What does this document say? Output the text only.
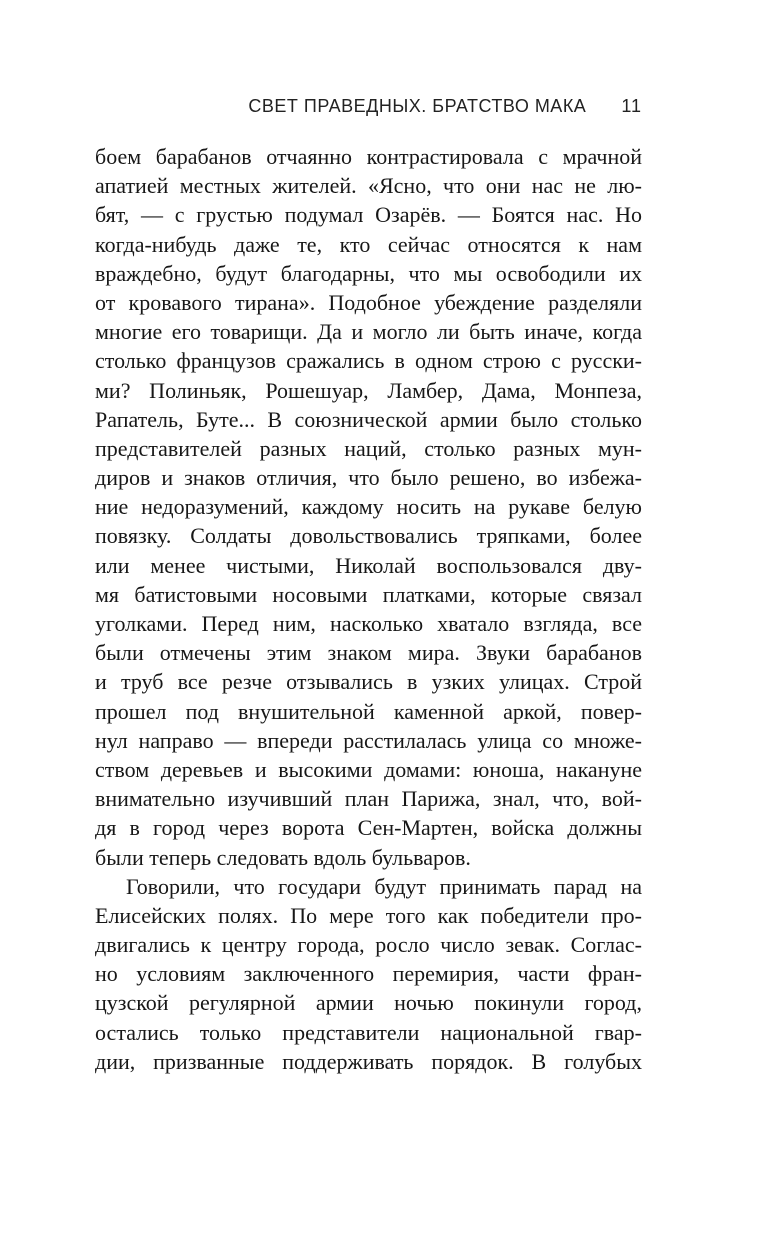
СВЕТ ПРАВЕДНЫХ. БРАТСТВО МАКА 11
боем барабанов отчаянно контрастировала с мрачной
апатией местных жителей. «Ясно, что они нас не лю-
бят, — с грустью подумал Озарёв. — Боятся нас. Но
когда-нибудь даже те, кто сейчас относятся к нам
враждебно, будут благодарны, что мы освободили их
от кровавого тирана». Подобное убеждение разделяли
многие его товарищи. Да и могло ли быть иначе, когда
столько французов сражались в одном строю с русски-
ми? Полиньяк, Рошешуар, Ламбер, Дама, Монпеза,
Рапатель, Буте... В союзнической армии было столько
представителей разных наций, столько разных мун-
диров и знаков отличия, что было решено, во избежа-
ние недоразумений, каждому носить на рукаве белую
повязку. Солдаты довольствовались тряпками, более
или менее чистыми, Николай воспользовался дву-
мя батистовыми носовыми платками, которые связал
уголками. Перед ним, насколько хватало взгляда, все
были отмечены этим знаком мира. Звуки барабанов
и труб все резче отзывались в узких улицах. Строй
прошел под внушительной каменной аркой, повер-
нул направо — впереди расстилалась улица со множе-
ством деревьев и высокими домами: юноша, накануне
внимательно изучивший план Парижа, знал, что, вой-
дя в город через ворота Сен-Мартен, войска должны
были теперь следовать вдоль бульваров.
Говорили, что государи будут принимать парад на
Елисейских полях. По мере того как победители про-
двигались к центру города, росло число зевак. Соглас-
но условиям заключенного перемирия, части фран-
цузской регулярной армии ночью покинули город,
остались только представители национальной гвар-
дии, призванные поддерживать порядок. В голубых
